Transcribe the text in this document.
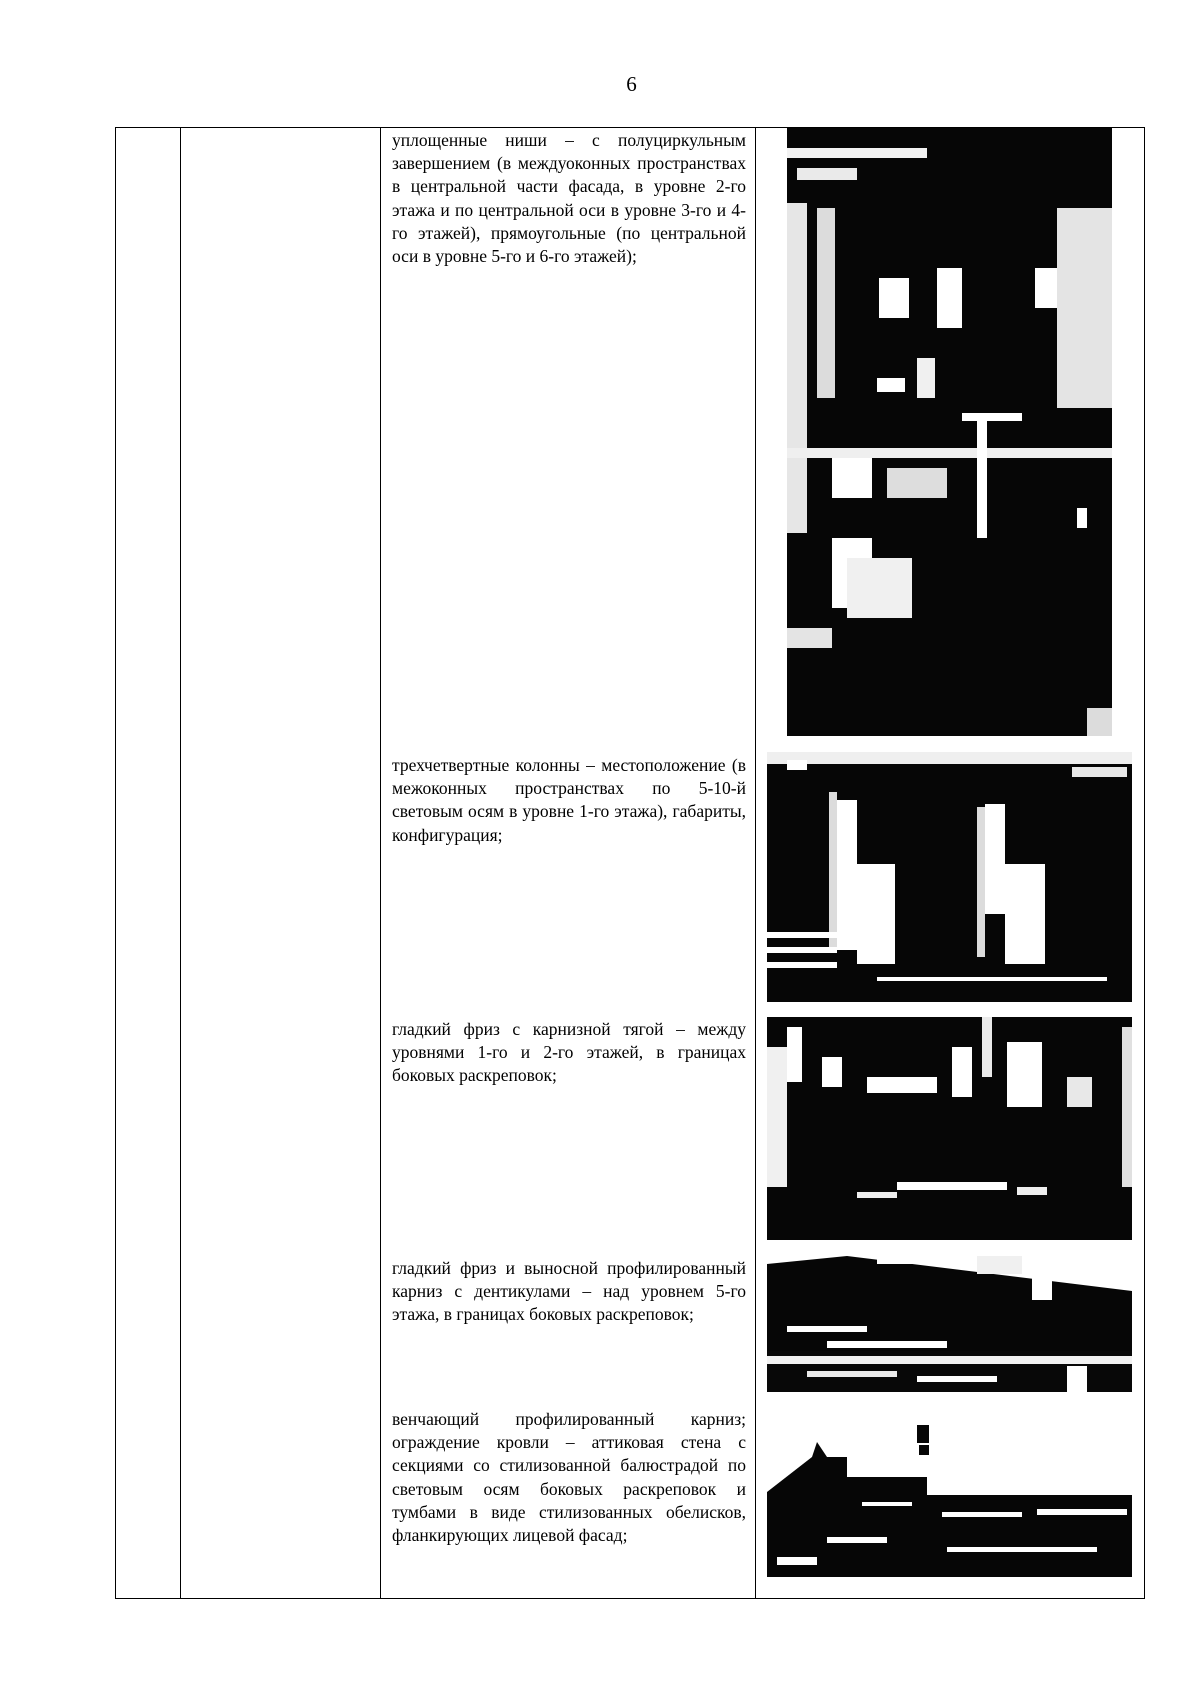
6
уплощенные ниши – с полуциркульным завершением (в междуоконных пространствах в центральной части фасада, в уровне 2-го этажа и по центральной оси в уровне 3-го и 4-го этажей), прямоугольные (по центральной оси в уровне 5-го и 6-го этажей);
трехчетвертные колонны – местоположение (в межоконных пространствах по 5-10-й световым осям в уровне 1-го этажа), габариты, конфигурация;
гладкий фриз с карнизной тягой – между уровнями 1-го и 2-го этажей, в границах боковых раскреповок;
гладкий фриз и выносной профилированный карниз с дентикулами – над уровнем 5-го этажа, в границах боковых раскреповок;
венчающий профилированный карниз; ограждение кровли – аттиковая стена с секциями со стилизованной балюстрадой по световым осям боковых раскреповок и тумбами в виде стилизованных обелисков, фланкирующих лицевой фасад;
